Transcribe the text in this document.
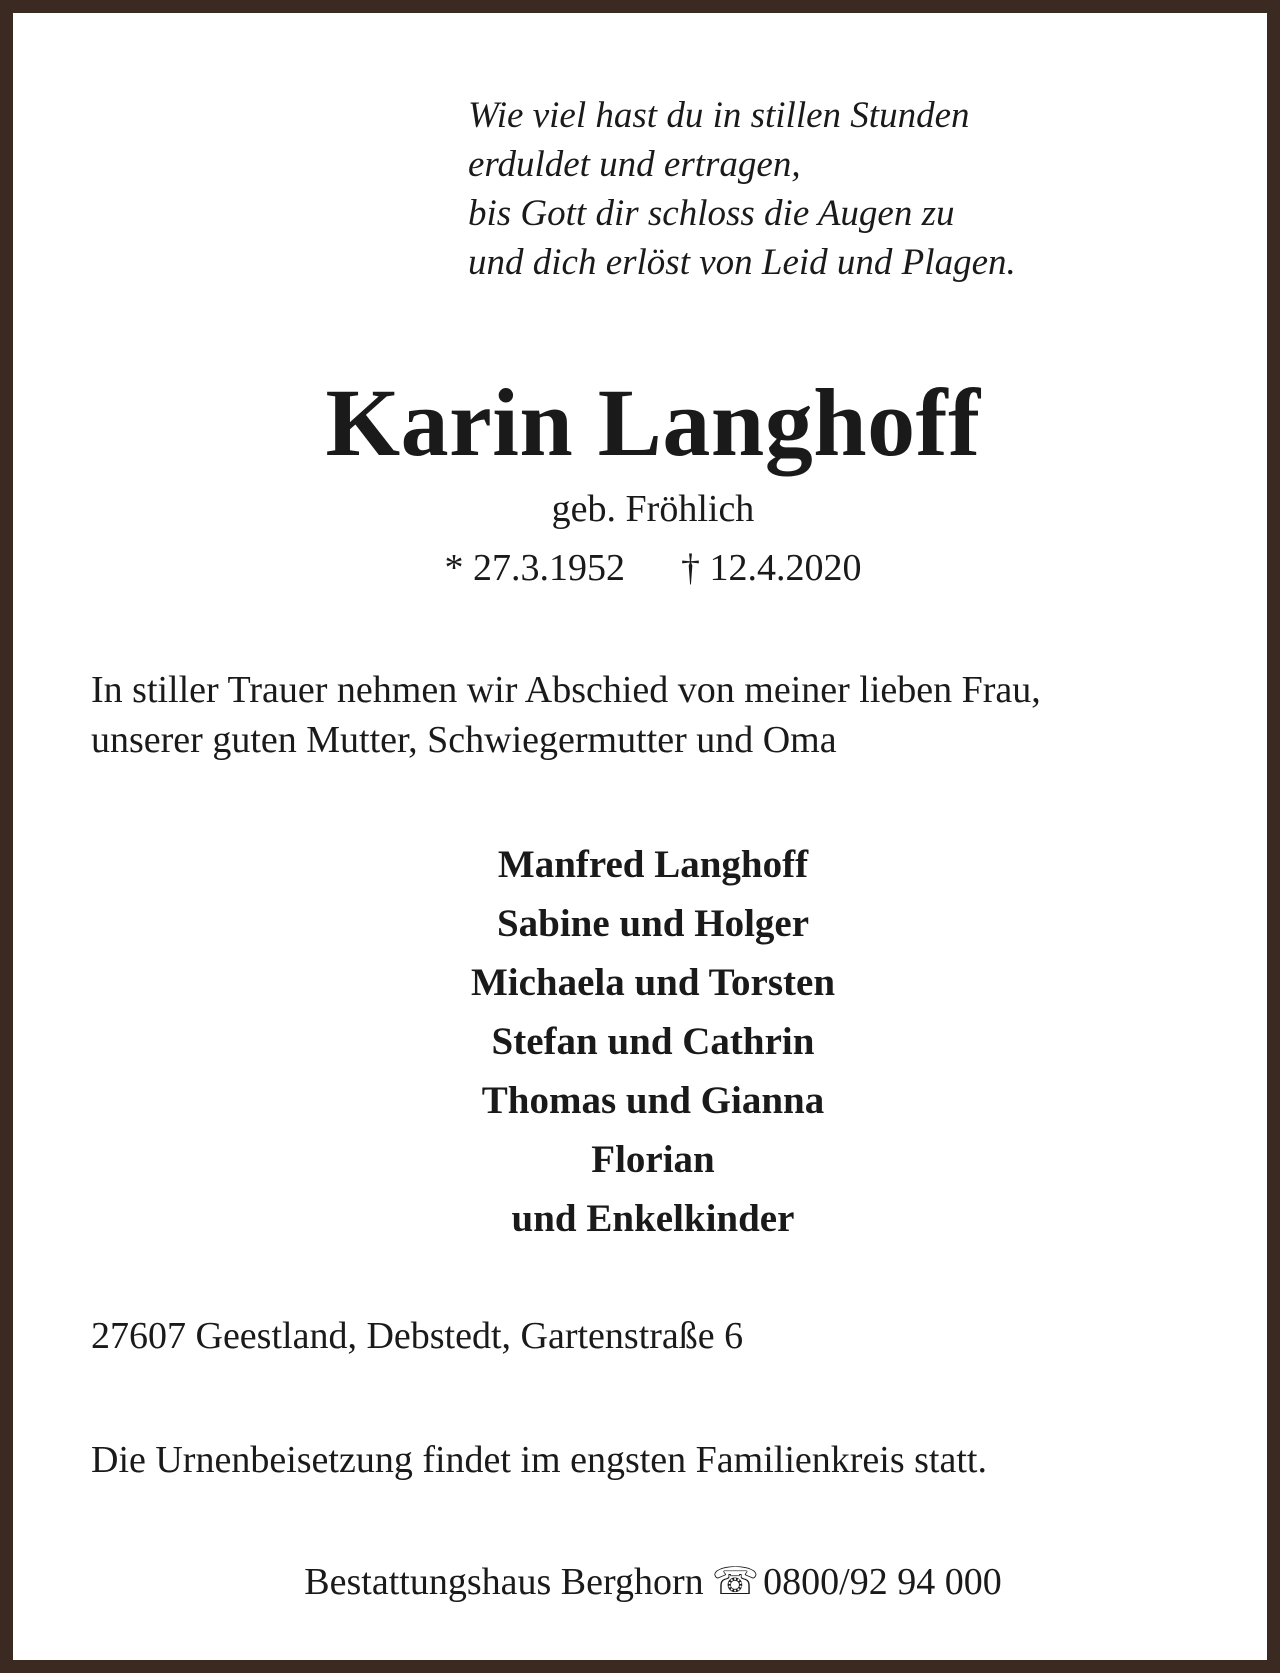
Wie viel hast du in stillen Stunden
erduldet und ertragen,
bis Gott dir schloss die Augen zu
und dich erlöst von Leid und Plagen.
Karin Langhoff
geb. Fröhlich
* 27.3.1952 † 12.4.2020
In stiller Trauer nehmen wir Abschied von meiner lieben Frau,
unserer guten Mutter, Schwiegermutter und Oma
Manfred Langhoff
Sabine und Holger
Michaela und Torsten
Stefan und Cathrin
Thomas und Gianna
Florian
und Enkelkinder
27607 Geestland, Debstedt, Gartenstraße 6
Die Urnenbeisetzung findet im engsten Familienkreis statt.
Bestattungshaus Berghorn ☏ 0800/92 94 000
